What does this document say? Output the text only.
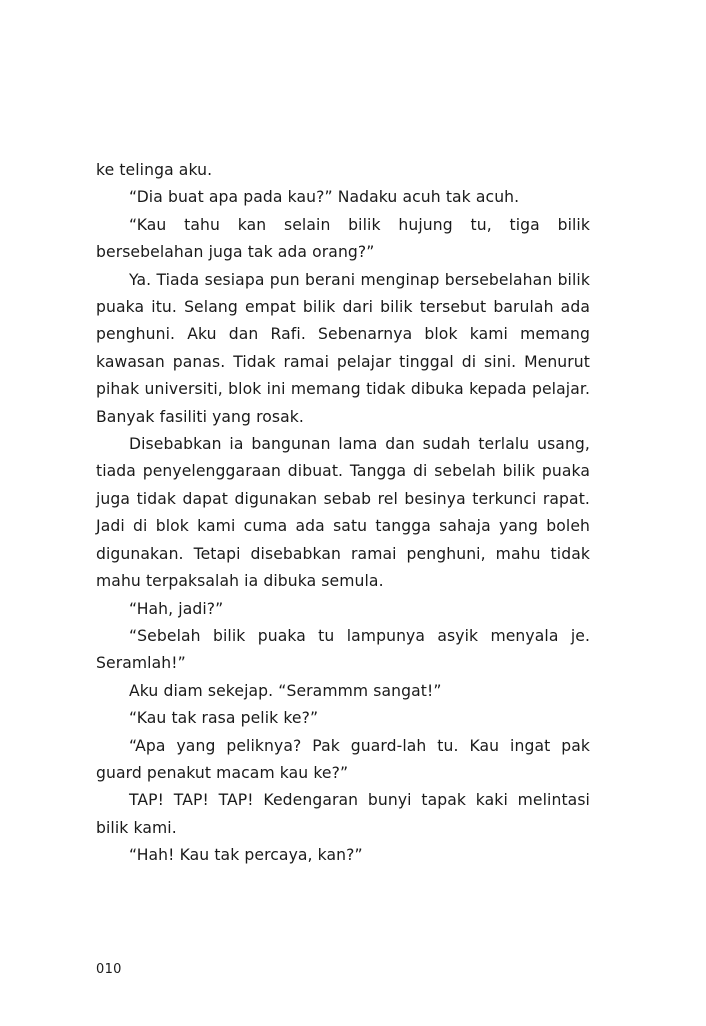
ke telinga aku.

“Dia buat apa pada kau?” Nadaku acuh tak acuh.

“Kau tahu kan selain bilik hujung tu, tiga bilik bersebelahan juga tak ada orang?”

Ya. Tiada sesiapa pun berani menginap bersebelahan bilik puaka itu. Selang empat bilik dari bilik tersebut barulah ada penghuni. Aku dan Rafi. Sebenarnya blok kami memang kawasan panas. Tidak ramai pelajar tinggal di sini. Menurut pihak universiti, blok ini memang tidak dibuka kepada pelajar. Banyak fasiliti yang rosak.

Disebabkan ia bangunan lama dan sudah terlalu usang, tiada penyelenggaraan dibuat. Tangga di sebelah bilik puaka juga tidak dapat digunakan sebab rel besinya terkunci rapat. Jadi di blok kami cuma ada satu tangga sahaja yang boleh digunakan. Tetapi disebabkan ramai penghuni, mahu tidak mahu terpaksalah ia dibuka semula.

“Hah, jadi?”

“Sebelah bilik puaka tu lampunya asyik menyala je. Seramlah!”

Aku diam sekejap. “Serammm sangat!”

“Kau tak rasa pelik ke?”

“Apa yang peliknya? Pak guard-lah tu. Kau ingat pak guard penakut macam kau ke?”

TAP! TAP! TAP! Kedengaran bunyi tapak kaki melintasi bilik kami.

“Hah! Kau tak percaya, kan?”

010
